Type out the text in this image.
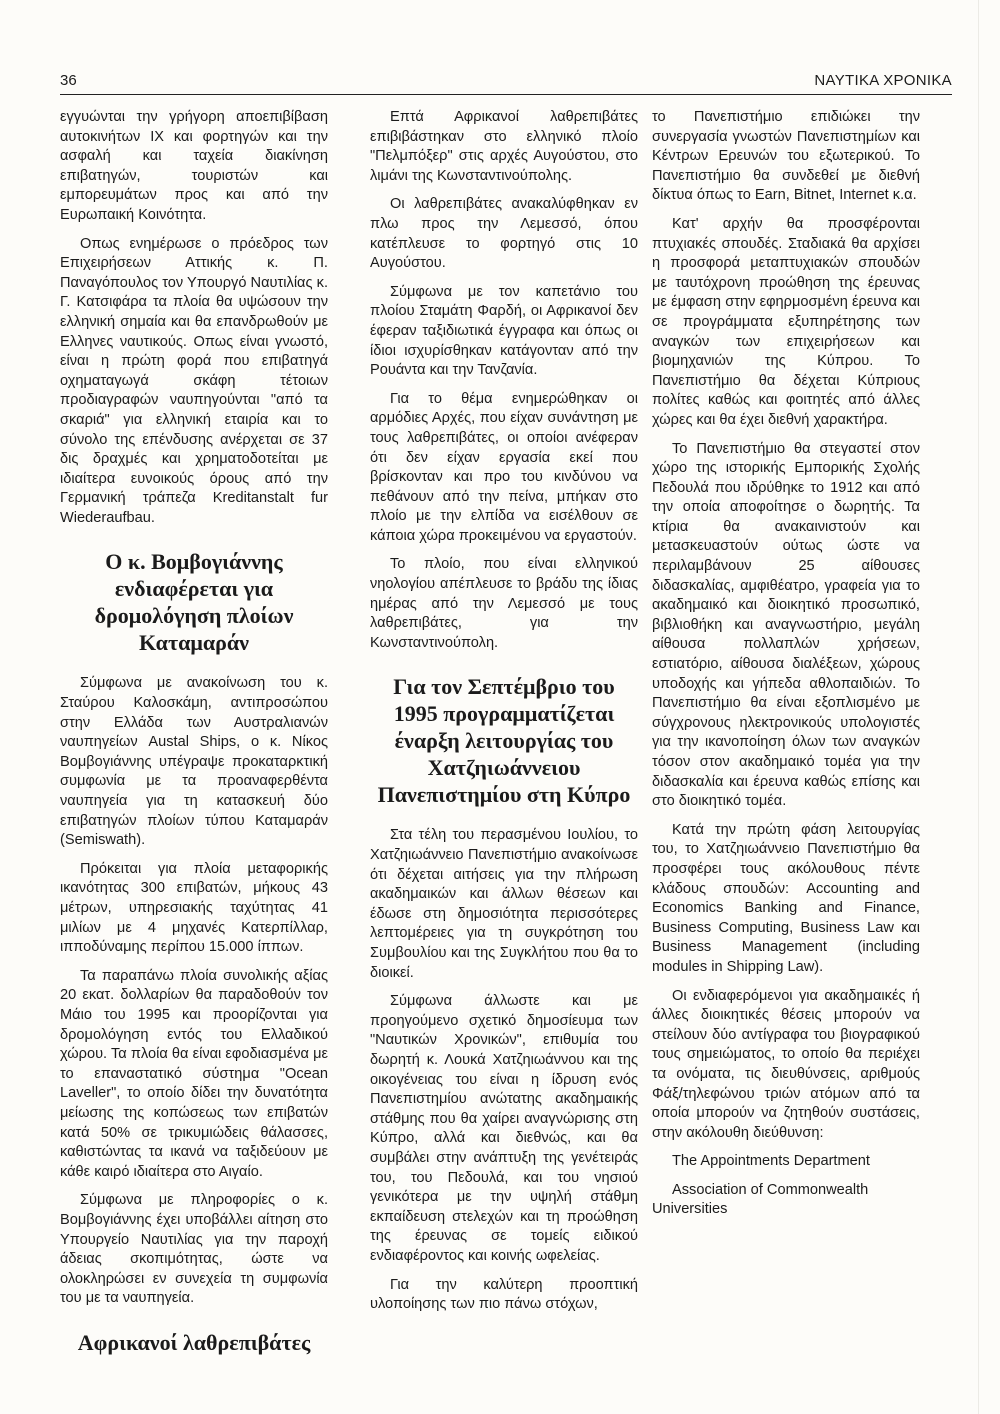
36	ΝΑΥΤΙΚΑ ΧΡΟΝΙΚΑ

εγγυώνται την γρήγορη αποεπιβίβαση αυτοκινήτων ΙΧ και φορτηγών και την ασφαλή και ταχεία διακίνηση επιβατηγών, τουριστών και εμπορευμάτων προς και από την Ευρωπαική Κοινότητα.

Οπως ενημέρωσε ο πρόεδρος των Επιχειρήσεων Αττικής κ. Π. Παναγόπουλος τον Υπουργό Ναυτιλίας κ. Γ. Κατσιφάρα τα πλοία θα υψώσουν την ελληνική σημαία και θα επανδρωθούν με Ελληνες ναυτικούς. Οπως είναι γνωστό, είναι η πρώτη φορά που επιβατηγά οχηματαγωγά σκάφη τέτοιων προδιαγραφών ναυπηγούνται "από τα σκαριά" για ελληνική εταιρία και το σύνολο της επένδυσης ανέρχεται σε 37 δις δραχμές και χρηματοδοτείται με ιδιαίτερα ευνοικούς όρους από την Γερμανική τράπεζα Kreditanstalt fur Wiederaufbau.

Ο κ. Βομβογιάννης ενδιαφέρεται για δρομολόγηση πλοίων Καταμαράν

Σύμφωνα με ανακοίνωση του κ. Σταύρου Καλοσκάμη, αντιπροσώπου στην Ελλάδα των Αυστραλιανών ναυπηγείων Austal Ships, ο κ. Νίκος Βομβογιάννης υπέγραψε προκαταρκτική συμφωνία με τα προαναφερθέντα ναυπηγεία για τη κατασκευή δύο επιβατηγών πλοίων τύπου Καταμαράν (Semiswath).

Πρόκειται για πλοία μεταφορικής ικανότητας 300 επιβατών, μήκους 43 μέτρων, υπηρεσιακής ταχύτητας 41 μιλίων με 4 μηχανές Κατερπίλλαρ, ιπποδύναμης περίπου 15.000 ίππων.

Τα παραπάνω πλοία συνολικής αξίας 20 εκατ. δολλαρίων θα παραδοθούν τον Μάιο του 1995 και προορίζονται για δρομολόγηση εντός του Ελλαδικού χώρου. Τα πλοία θα είναι εφοδιασμένα με το επαναστατικό σύστημα "Ocean Laveller", το οποίο δίδει την δυνατότητα μείωσης της κοπώσεως των επιβατών κατά 50% σε τρικυμιώδεις θάλασσες, καθιστώντας τα ικανά να ταξιδεύουν με κάθε καιρό ιδιαίτερα στο Αιγαίο.

Σύμφωνα με πληροφορίες ο κ. Βομβογιάννης έχει υποβάλλει αίτηση στο Υπουργείο Ναυτιλίας για την παροχή άδειας σκοπιμότητας, ώστε να ολοκληρώσει εν συνεχεία τη συμφωνία του με τα ναυπηγεία.

Αφρικανοί λαθρεπιβάτες

Επτά Αφρικανοί λαθρεπιβάτες επιβιβάστηκαν στο ελληνικό πλοίο "Πελμπόξερ" στις αρχές Αυγούστου, στο λιμάνι της Κωνσταντινούπολης.

Οι λαθρεπιβάτες ανακαλύφθηκαν εν πλω προς την Λεμεσσό, όπου κατέπλευσε το φορτηγό στις 10 Αυγούστου.

Σύμφωνα με τον καπετάνιο του πλοίου Σταμάτη Φαρδή, οι Αφρικανοί δεν έφεραν ταξιδιωτικά έγγραφα και όπως οι ίδιοι ισχυρίσθηκαν κατάγονταν από την Ρουάντα και την Τανζανία.

Για το θέμα ενημερώθηκαν οι αρμόδιες Αρχές, που είχαν συνάντηση με τους λαθρεπιβάτες, οι οποίοι ανέφεραν ότι δεν είχαν εργασία εκεί που βρίσκονταν και προ του κινδύνου να πεθάνουν από την πείνα, μπήκαν στο πλοίο με την ελπίδα να εισέλθουν σε κάποια χώρα προκειμένου να εργαστούν.

Το πλοίο, που είναι ελληνικού νηολογίου απέπλευσε το βράδυ της ίδιας ημέρας από την Λεμεσσό με τους λαθρεπιβάτες, για την Κωνσταντινούπολη.

Για τον Σεπτέμβριο του 1995 προγραμματίζεται έναρξη λειτουργίας του Χατζηιωάννειου Πανεπιστημίου στη Κύπρο

Στα τέλη του περασμένου Ιουλίου, το Χατζηιωάννειο Πανεπιστήμιο ανακοίνωσε ότι δέχεται αιτήσεις για την πλήρωση ακαδημαικών και άλλων θέσεων και έδωσε στη δημοσιότητα περισσότερες λεπτομέρειες για τη συγκρότηση του Συμβουλίου και της Συγκλήτου που θα το διοικεί.

Σύμφωνα άλλωστε και με προηγούμενο σχετικό δημοσίευμα των "Ναυτικών Χρονικών", επιθυμία του δωρητή κ. Λουκά Χατζηιωάννου και της οικογένειας του είναι η ίδρυση ενός Πανεπιστημίου ανώτατης ακαδημαικής στάθμης που θα χαίρει αναγνώρισης στη Κύπρο, αλλά και διεθνώς, και θα συμβάλει στην ανάπτυξη της γενέτειράς του, του Πεδουλά, και του νησιού γενικότερα με την υψηλή στάθμη εκπαίδευση στελεχών και τη προώθηση της έρευνας σε τομείς ειδικού ενδιαφέροντος και κοινής ωφελείας.

Για την καλύτερη προοπτική υλοποίησης των πιο πάνω στόχων,

το Πανεπιστήμιο επιδιώκει την συνεργασία γνωστών Πανεπιστημίων και Κέντρων Ερευνών του εξωτερικού. Το Πανεπιστήμιο θα συνδεθεί με διεθνή δίκτυα όπως το Earn, Bitnet, Internet κ.α.

Κατ' αρχήν θα προσφέρονται πτυχιακές σπουδές. Σταδιακά θα αρχίσει η προσφορά μεταπτυχιακών σπουδών με ταυτόχρονη προώθηση της έρευνας με έμφαση στην εφηρμοσμένη έρευνα και σε προγράμματα εξυπηρέτησης των αναγκών των επιχειρήσεων και βιομηχανιών της Κύπρου. Το Πανεπιστήμιο θα δέχεται Κύπριους πολίτες καθώς και φοιτητές από άλλες χώρες και θα έχει διεθνή χαρακτήρα.

Το Πανεπιστήμιο θα στεγαστεί στον χώρο της ιστορικής Εμπορικής Σχολής Πεδουλά που ιδρύθηκε το 1912 και από την οποία αποφοίτησε ο δωρητής. Τα κτίρια θα ανακαινιστούν και μετασκευαστούν ούτως ώστε να περιλαμβάνουν 25 αίθουσες διδασκαλίας, αμφιθέατρο, γραφεία για το ακαδημαικό και διοικητικό προσωπικό, βιβλιοθήκη και αναγνωστήριο, μεγάλη αίθουσα πολλαπλών χρήσεων, εστιατόριο, αίθουσα διαλέξεων, χώρους υποδοχής και γήπεδα αθλοπαιδιών. Το Πανεπιστήμιο θα είναι εξοπλισμένο με σύγχρονους ηλεκτρονικούς υπολογιστές για την ικανοποίηση όλων των αναγκών τόσον στον ακαδημαικό τομέα για την διδασκαλία και έρευνα καθώς επίσης και στο διοικητικό τομέα.

Κατά την πρώτη φάση λειτουργίας του, το Χατζηιωάννειο Πανεπιστήμιο θα προσφέρει τους ακόλουθους πέντε κλάδους σπουδών: Accounting and Economics Banking and Finance, Business Computing, Business Law και Business Management (including modules in Shipping Law).

Οι ενδιαφερόμενοι για ακαδημαικές ή άλλες διοικητικές θέσεις μπορούν να στείλουν δύο αντίγραφα του βιογραφικού τους σημειώματος, το οποίο θα περιέχει τα ονόματα, τις διευθύνσεις, αριθμούς Φάξ/τηλεφώνου τριών ατόμων από τα οποία μπορούν να ζητηθούν συστάσεις, στην ακόλουθη διεύθυνση:

The Appointments Department

Association of Commonwealth Universities
